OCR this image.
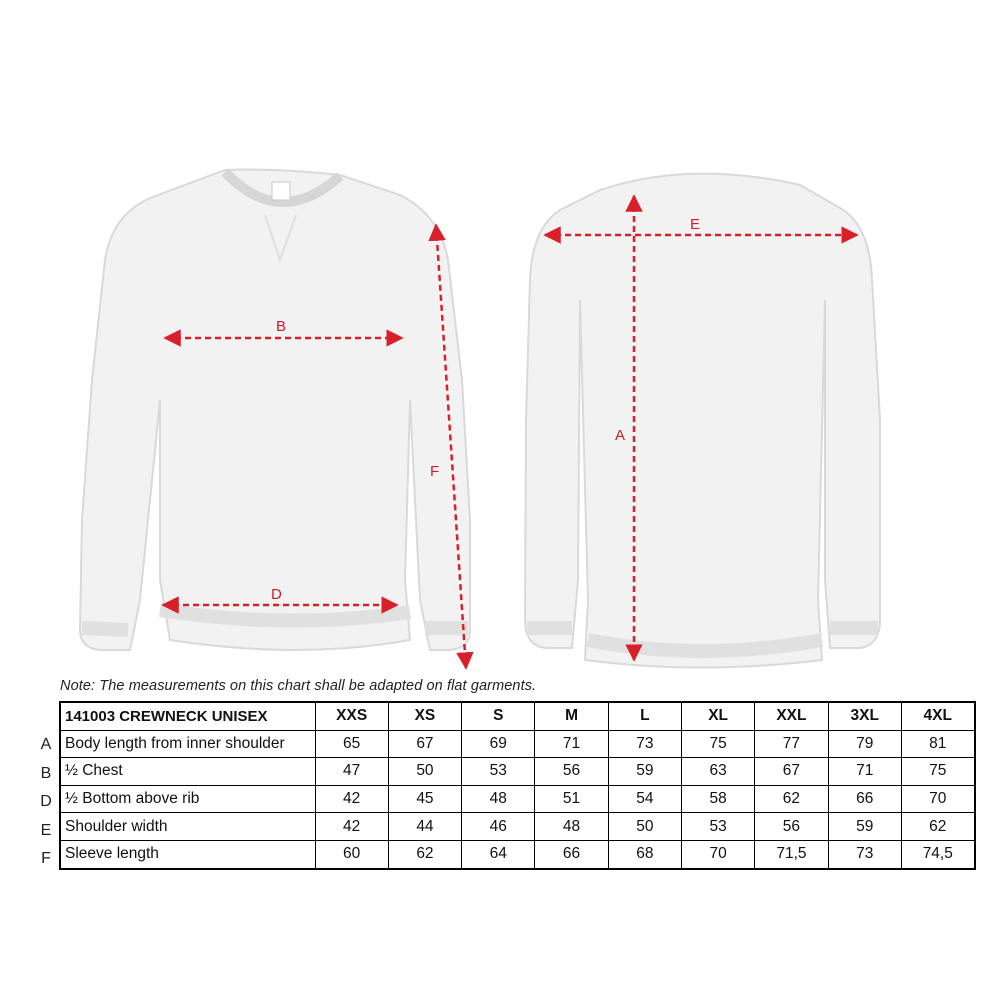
B
D
F
E
A
Note: The measurements on this chart shall be adapted on flat garments.
A
B
D
E
F
141003 CREWNECK UNISEX	XXS	XS	S	M	L	XL	XXL	3XL	4XL
Body length from inner shoulder	65	67	69	71	73	75	77	79	81
½ Chest	47	50	53	56	59	63	67	71	75
½ Bottom above rib	42	45	48	51	54	58	62	66	70
Shoulder width	42	44	46	48	50	53	56	59	62
Sleeve length	60	62	64	66	68	70	71,5	73	74,5
